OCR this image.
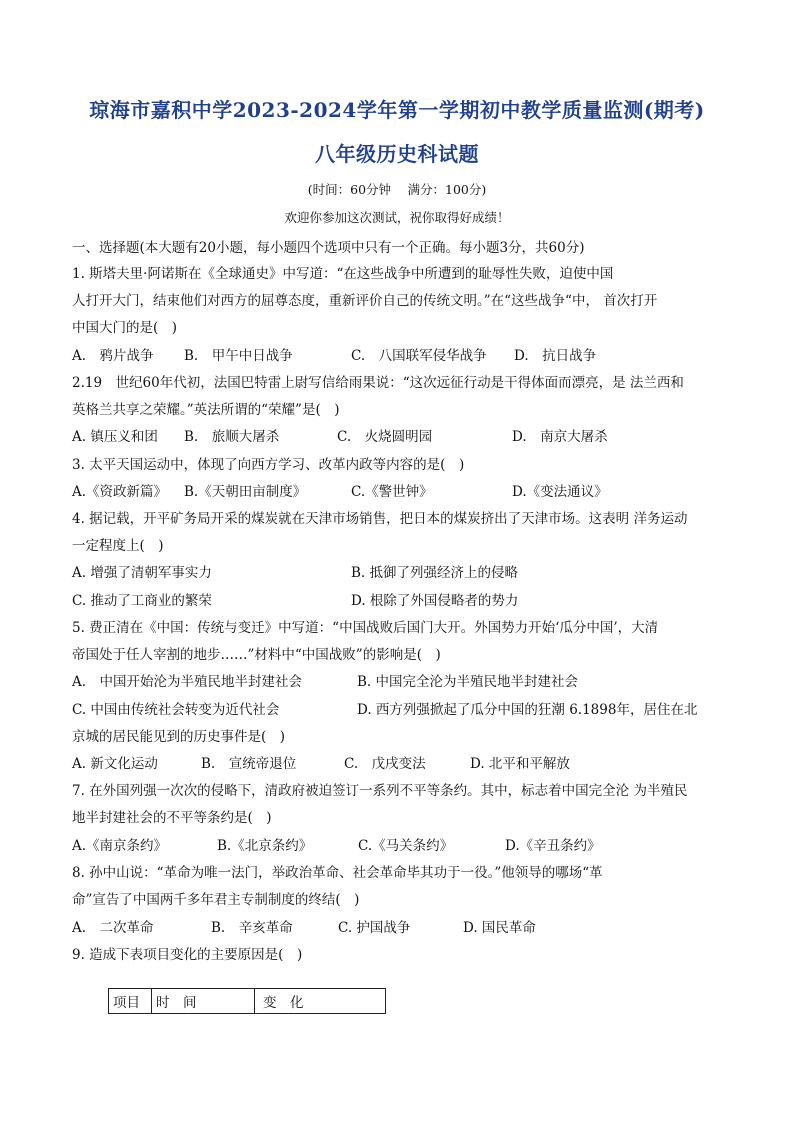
琼海市嘉积中学2023-2024学年第一学期初中教学质量监测(期考)
八年级历史科试题
(时间：60分钟　 满分：100分)
欢迎你参加这次测试，祝你取得好成绩！
一、选择题(本大题有20小题，每小题四个选项中只有一个正确。每小题3分，共60分)
1. 斯塔夫里·阿诺斯在《全球通史》中写道：“在这些战争中所遭到的耻辱性失败，迫使中国
人打开大门，结束他们对西方的屈尊态度，重新评价自己的传统文明。”在“这些战争“中， 首次打开
中国大门的是(　)
A.　鸦片战争 B.　甲午中日战争	C.　八国联军侵华战争 D.　抗日战争
2.19　世纪60年代初，法国巴特雷上尉写信给雨果说：“这次远征行动是干得体面而漂亮，是 法兰西和
英格兰共享之荣耀。”英法所谓的“荣耀”是(　)
A. 镇压义和团 B.　旅顺大屠杀	C.　火烧圆明园	D.　南京大屠杀
3. 太平天国运动中，体现了向西方学习、改革内政等内容的是(　)
A.《资政新篇》 B.《天朝田亩制度》	C.《警世钟》	D.《变法通议》
4. 据记载，开平矿务局开采的煤炭就在天津市场销售，把日本的煤炭挤出了天津市场。这表明 洋务运动
一定程度上(　)
A. 增强了清朝军事实力	B. 抵御了列强经济上的侵略
C. 推动了工商业的繁荣	D. 根除了外国侵略者的势力
5. 费正清在《中国：传统与变迁》中写道：“中国战败后国门大开。外国势力开始‘瓜分中国’，大清
帝国处于任人宰割的地步……”材料中“中国战败”的影响是(　)
A.　中国开始沦为半殖民地半封建社会	B. 中国完全沦为半殖民地半封建社会
C. 中国由传统社会转变为近代社会	D. 西方列强掀起了瓜分中国的狂潮 6.1898年，居住在北
京城的居民能见到的历史事件是(　)
A. 新文化运动	B.　宣统帝退位	C.　戊戌变法	D. 北平和平解放
7. 在外国列强一次次的侵略下，清政府被迫签订一系列不平等条约。其中，标志着中国完全沦 为半殖民
地半封建社会的不平等条约是(　)
A.《南京条约》	B.《北京条约》	C.《马关条约》	D.《辛丑条约》
8. 孙中山说：“革命为唯一法门，举政治革命、社会革命毕其功于一役。”他领导的哪场“革
命”宣告了中国两千多年君主专制制度的终结(　)
A.　二次革命	B.　辛亥革命	C. 护国战争	D. 国民革命
9. 造成下表项目变化的主要原因是(　)
项目	时　间	变　化
